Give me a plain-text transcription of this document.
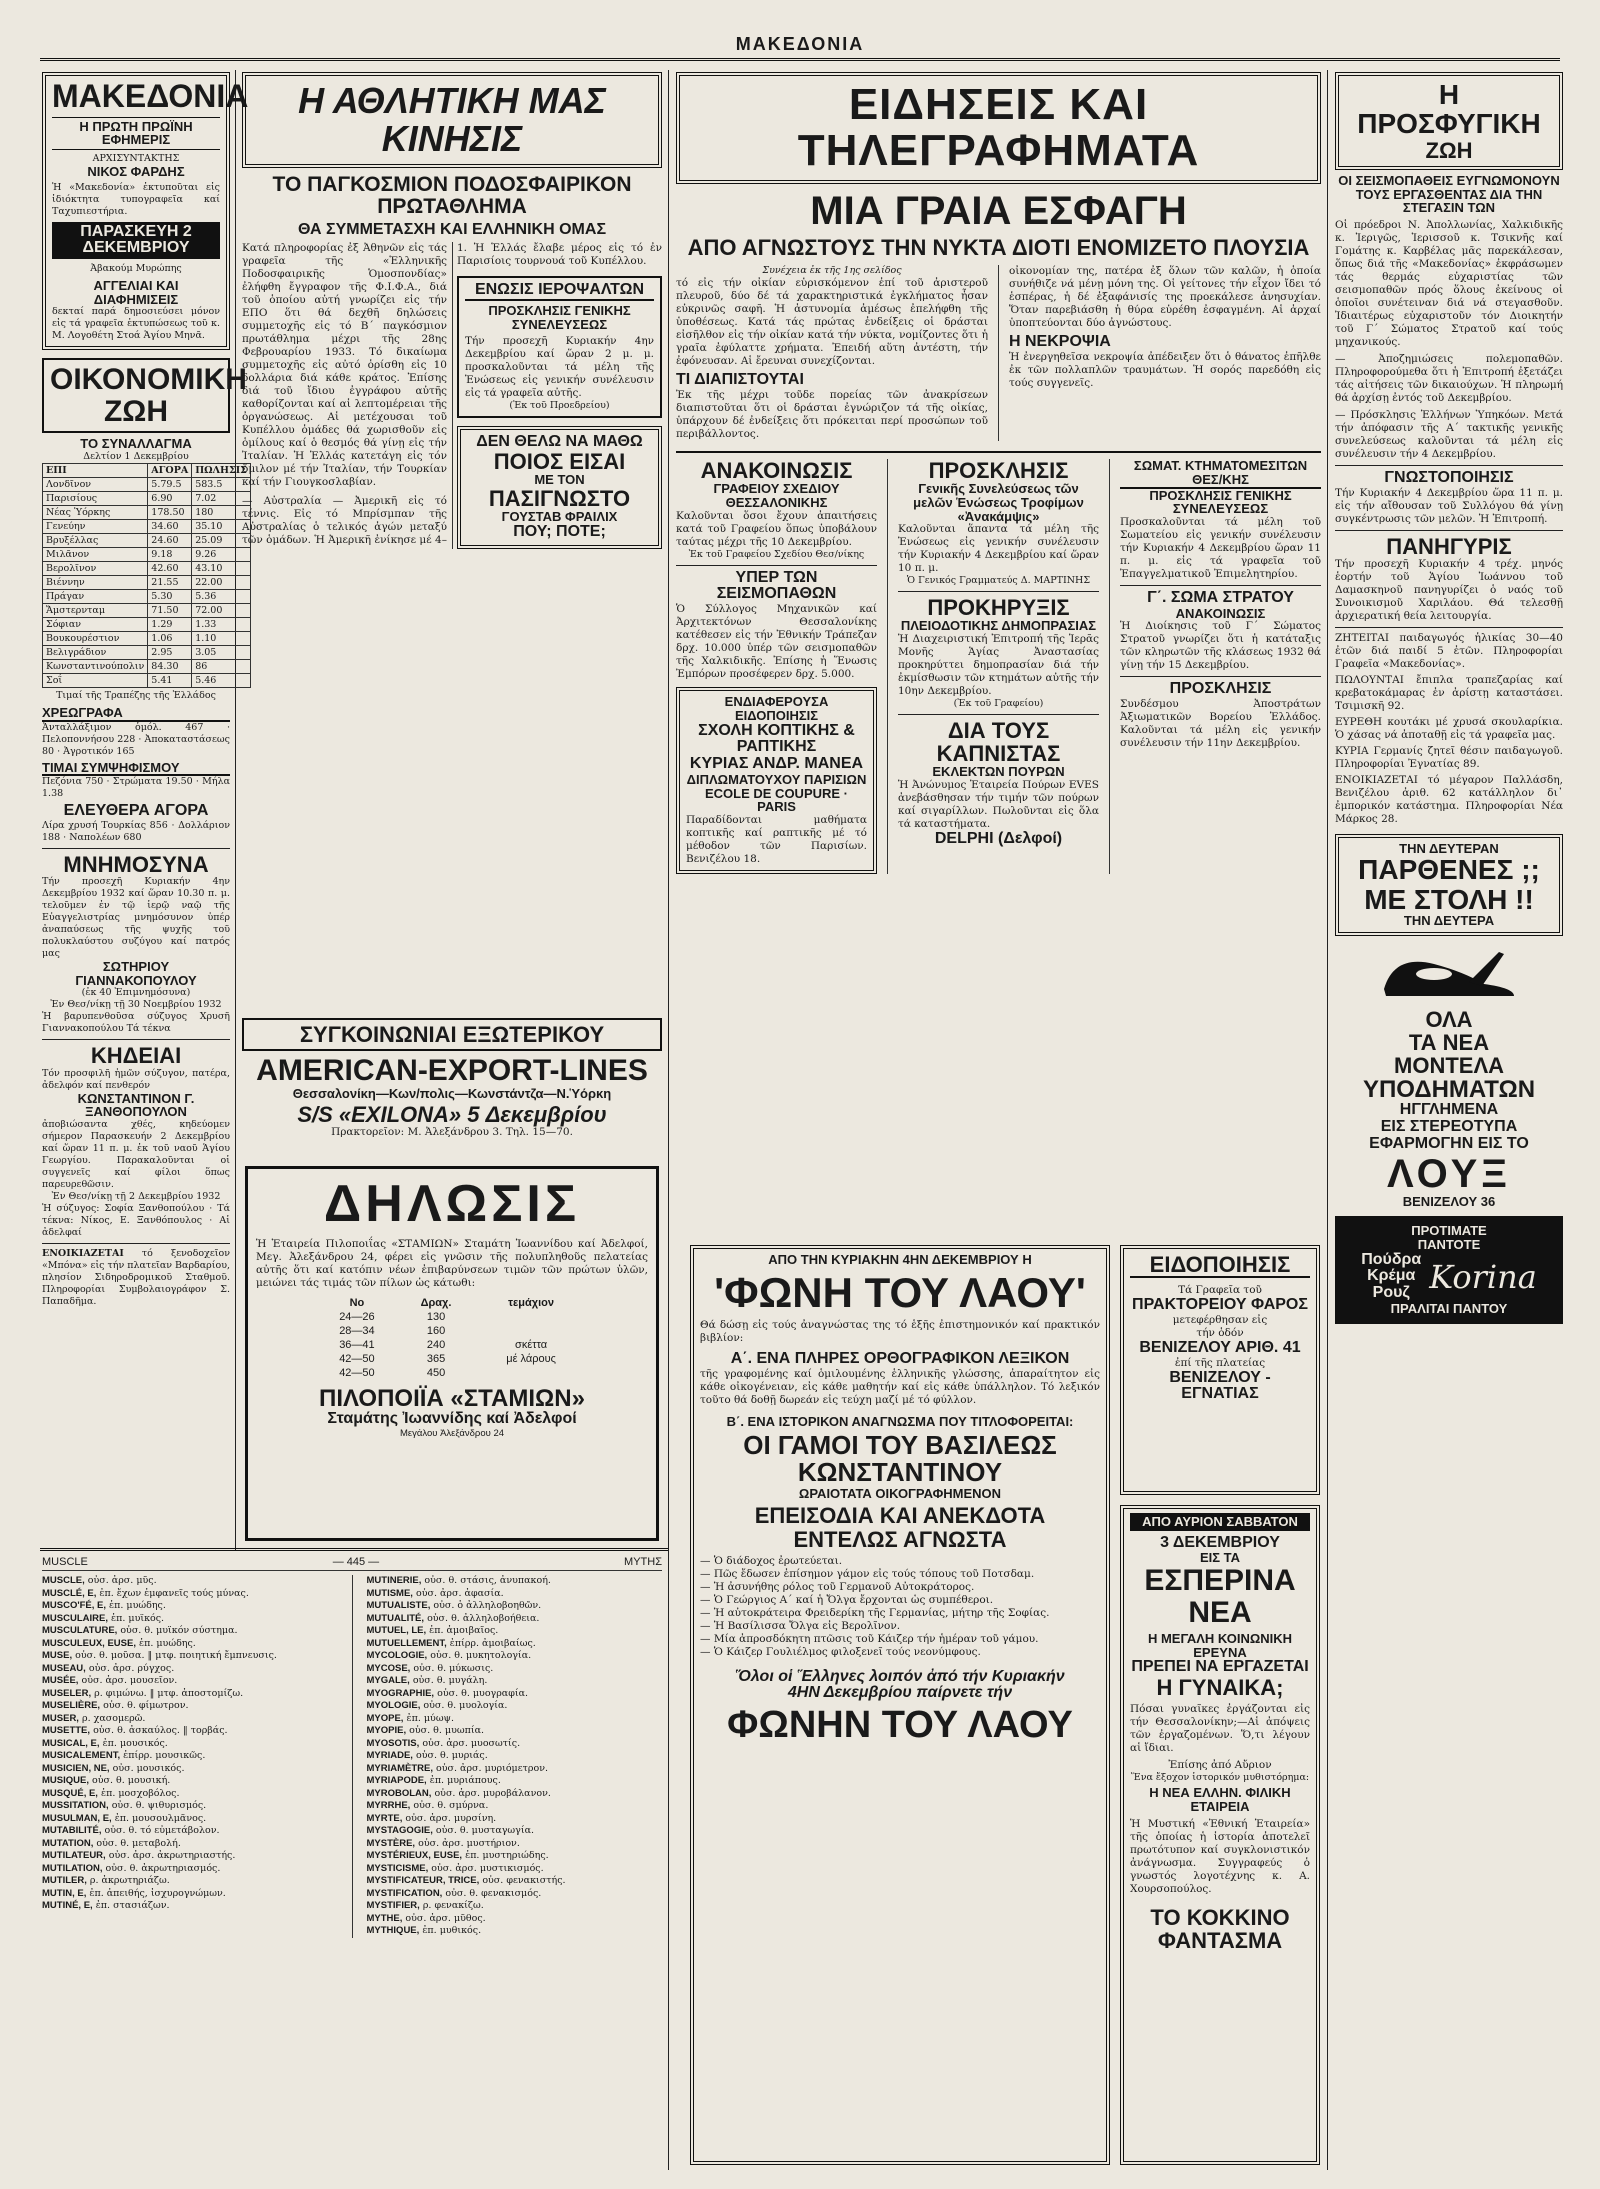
ΜΑΚΕΔΟΝΙΑ
ΜΑΚΕΔΟΝΙΑ
Η ΠΡΩΤΗ ΠΡΩΪΝΗ ΕΦΗΜΕΡΙΣ
ΑΡΧΙΣΥΝΤΑΚΤΗΣ
ΝΙΚΟΣ ΦΑΡΔΗΣ

Ἡ «Μακεδονία» ἐκτυποῦται εἰς ἰδιόκτητα τυπογραφεῖα καί Ταχυπιεστήρια.

ΠΑΡΑΣΚΕΥΗ 2 ΔΕΚΕΜΒΡΙΟΥ
Ἀβακούμ Μυρώπης
ΑΓΓΕΛΙΑΙ ΚΑΙ ΔΙΑΦΗΜΙΣΕΙΣ

δεκταί παρά δημοσιεύσει μόνον εἰς τά γραφεῖα ἐκτυπώσεως τοῦ κ. Μ. Λογοθέτη Στοά Ἁγίου Μηνᾶ.

ΟΙΚΟΝΟΜΙΚΗ ΖΩΗ
ΤΟ ΣΥΝΑΛΛΑΓΜΑ
Δελτίον 1 Δεκεμβρίου
ΕΠΙ	ΑΓΟΡΑ	ΠΩΛΗΣΙΣ
Λονδῖνον	5.79.5	583.5
Παρισίους	6.90	7.02
Νέας Ὑόρκης	178.50	180
Γενεύην	34.60	35.10
Βρυξέλλας	24.60	25.09
Μιλᾶνον	9.18	9.26
Βερολῖνον	42.60	43.10
Βιέννην	21.55	22.00
Πράγαν	5.30	5.36
Ἄμστερνταμ	71.50	72.00
Σόφιαν	1.29	1.33
Βουκουρέστιον	1.06	1.10
Βελιγράδιον	2.95	3.05
Κωνσταντινούπολιν	84.30	86
Σοΐ	5.41	5.46
Τιμαί τῆς Τραπέζης τῆς Ἑλλάδος
ΧΡΕΩΓΡΑΦΑ

Ἀνταλλάξιμον ὁμόλ. 467 · Πελοποννήσου 228 · Ἀποκαταστάσεως 80 · Ἀγροτικόν 165

ΤΙΜΑΙ ΣΥΜΨΗΦΙΣΜΟΥ

Πεζόνια 750 · Στρώματα 19.50 · Μήλα 1.38

ΕΛΕΥΘΕΡΑ ΑΓΟΡΑ

Λίρα χρυσή Τουρκίας 856 · Δολλάριον 188 · Ναπολέων 680

ΜΝΗΜΟΣΥΝΑ

Τήν προσεχῆ Κυριακήν 4ην Δεκεμβρίου 1932 καί ὥραν 10.30 π. μ. τελοῦμεν ἐν τῷ ἱερῷ ναῷ τῆς Εὐαγγελιστρίας μνημόσυνον ὑπέρ ἀναπαύσεως τῆς ψυχῆς τοῦ πολυκλαύστου συζύγου καί πατρός μας

ΣΩΤΗΡΙΟΥ ΓΙΑΝΝΑΚΟΠΟΥΛΟΥ
(ἐκ 40 Ἐπιμνημόσυνα)
Ἐν Θεσ/νίκῃ τῇ 30 Νοεμβρίου 1932

Ἡ βαρυπενθοῦσα σύζυγος Χρυσῆ Γιαννακοπούλου Τά τέκνα

ΚΗΔΕΙΑΙ

Τόν προσφιλῆ ἡμῶν σύζυγον, πατέρα, ἀδελφόν καί πενθερόν

ΚΩΝΣΤΑΝΤΙΝΟΝ Γ. ΞΑΝΘΟΠΟΥΛΟΝ

ἀποβιώσαντα χθές, κηδεύομεν σήμερον Παρασκευήν 2 Δεκεμβρίου καί ὥραν 11 π. μ. ἐκ τοῦ ναοῦ Ἁγίου Γεωργίου. Παρακαλοῦνται οἱ συγγενεῖς καί φίλοι ὅπως παρευρεθῶσιν.

Ἐν Θεσ/νίκῃ τῇ 2 Δεκεμβρίου 1932

Ἡ σύζυγος: Σοφία Ξανθοπούλου · Τά τέκνα: Νίκος, Ε. Ξανθόπουλος · Αἱ ἀδελφαί

ΕΝΟΙΚΙΑΖΕΤΑΙ τό ξενοδοχεῖον «Μπόνα» εἰς τήν πλατεῖαν Βαρδαρίου, πλησίον Σιδηροδρομικοῦ Σταθμοῦ. Πληροφορίαι Συμβολαιογράφον Σ. Παπαδῆμα.

Η ΑΘΛΗΤΙΚΗ ΜΑΣ ΚΙΝΗΣΙΣ
ΤΟ ΠΑΓΚΟΣΜΙΟΝ ΠΟΔΟΣΦΑΙΡΙΚΟΝ ΠΡΩΤΑΘΛΗΜΑ
ΘΑ ΣΥΜΜΕΤΑΣΧΗ ΚΑΙ ΕΛΛΗΝΙΚΗ ΟΜΑΣ

Κατά πληροφορίας ἐξ Ἀθηνῶν εἰς τάς γραφεῖα τῆς «Ἑλληνικῆς Ποδοσφαιρικῆς Ὁμοσπονδίας» ἐλήφθη ἔγγραφον τῆς Φ.Ι.Φ.Α., διά τοῦ ὁποίου αὐτή γνωρίζει εἰς τήν ΕΠΟ ὅτι θά δεχθῆ δηλώσεις συμμετοχῆς εἰς τό Β΄ παγκόσμιον πρωτάθλημα μέχρι τῆς 28ης Φεβρουαρίου 1933. Τό δικαίωμα συμμετοχῆς εἰς αὐτό ὁρίσθη εἰς 10 δολλάρια διά κάθε κράτος. Ἐπίσης διά τοῦ ἴδιου ἐγγράφου αὐτῆς καθορίζονται καί αἱ λεπτομέρειαι τῆς ὀργανώσεως. Αἱ μετέχουσαι τοῦ Κυπέλλου ὁμάδες θά χωρισθοῦν εἰς ὁμίλους καί ὁ θεσμός θά γίνῃ εἰς τήν Ἰταλίαν. Ἡ Ἑλλάς κατετάγη εἰς τόν ὅμιλον μέ τήν Ἰταλίαν, τήν Τουρκίαν καί τήν Γιουγκοσλαβίαν.

— Αὐστραλία — Ἀμερικῆ εἰς τό τέννις. Εἰς τό Μπρίσμπαν τῆς Αὐστραλίας ὁ τελικός ἀγών μεταξύ τῶν ὁμάδων. Ἡ Ἀμερικῆ ἐνίκησε μέ 4–1. Ἡ Ἑλλάς ἔλαβε μέρος εἰς τό ἐν Παρισίοις τουρνουά τοῦ Κυπέλλου.

ΕΝΩΣΙΣ ΙΕΡΟΨΑΛΤΩΝ
ΠΡΟΣΚΛΗΣΙΣ ΓΕΝΙΚΗΣ ΣΥΝΕΛΕΥΣΕΩΣ

Τήν προσεχῆ Κυριακήν 4ην Δεκεμβρίου καί ὥραν 2 μ. μ. προσκαλοῦνται τά μέλη τῆς Ἑνώσεως εἰς γενικήν συνέλευσιν εἰς τά γραφεῖα αὐτῆς.

(Ἐκ τοῦ Προεδρείου)
ΔΕΝ ΘΕΛΩ ΝΑ ΜΑΘΩ
ΠΟΙΟΣ ΕΙΣΑΙ
ΜΕ ΤΟΝ
ΠΑΣΙΓΝΩΣΤΟ
ΓΟΥΣΤΑΒ ΦΡΑΙΛΙΧ
ΠΟΥ; ΠΟΤΕ;
ΣΥΓΚΟΙΝΩΝΙΑΙ ΕΞΩΤΕΡΙΚΟΥ
AMERICAN-EXPORT-LINES
Θεσσαλονίκη—Κων/πολις—Κωνστάντζα—Ν.Ὑόρκη
S/S «EXILONA» 5 Δεκεμβρίου
Πρακτορεῖον: Μ. Ἀλεξάνδρου 3. Τηλ. 15—70.
ΔΗΛΩΣΙΣ

Ἡ Ἑταιρεία Πιλοποιΐας «ΣΤΑΜΙΩΝ» Σταμάτη Ἰωαννίδου καί Ἀδελφοί, Μεγ. Ἀλεξάνδρου 24, φέρει εἰς γνῶσιν τῆς πολυπληθοῦς πελατείας αὐτῆς ὅτι καί κατόπιν νέων ἐπιβαρύνσεων τιμῶν τῶν πρώτων ὑλῶν, μειώνει τάς τιμάς τῶν πίλων ὡς κάτωθι:

Νο	Δραχ.	τεμάχιον
24—26	130	
28—34	160	
36—41	240	σκέττα
42—50	365	μέ λάρους
42—50	450	
ΠΙΛΟΠΟΙΪΑ «ΣΤΑΜΙΩΝ»
Σταμάτης Ἰωαννίδης καί Ἀδελφοί
Μεγάλου Ἀλεξάνδρου 24
ΕΙΔΗΣΕΙΣ ΚΑΙ ΤΗΛΕΓΡΑΦΗΜΑΤΑ
ΜΙΑ ΓΡΑΙΑ ΕΣΦΑΓΗ
ΑΠΟ ΑΓΝΩΣΤΟΥΣ ΤΗΝ ΝΥΚΤΑ ΔΙΟΤΙ ΕΝΟΜΙΖΕΤΟ ΠΛΟΥΣΙΑ
Συνέχεια ἐκ τῆς 1ης σελίδος

τό εἰς τήν οἰκίαν εὑρισκόμενον ἐπί τοῦ ἀριστεροῦ πλευροῦ, δύο δέ τά χαρακτηριστικά ἐγκλήματος ἦσαν εὐκρινῶς σαφῆ. Ἡ ἀστυνομία ἀμέσως ἐπελήφθη τῆς ὑποθέσεως. Κατά τάς πρώτας ἐνδείξεις οἱ δράσται εἰσῆλθον εἰς τήν οἰκίαν κατά τήν νύκτα, νομίζοντες ὅτι ἡ γραῖα ἐφύλαττε χρήματα. Ἐπειδή αὕτη ἀντέστη, τήν ἐφόνευσαν. Αἱ ἔρευναι συνεχίζονται.

ΤΙ ΔΙΑΠΙΣΤΟΥΤΑΙ

Ἐκ τῆς μέχρι τοῦδε πορείας τῶν ἀνακρίσεων διαπιστοῦται ὅτι οἱ δράσται ἐγνώριζον τά τῆς οἰκίας, ὑπάρχουν δέ ἐνδείξεις ὅτι πρόκειται περί προσώπων τοῦ περιβάλλοντος.

οἰκονομίαν της, πατέρα ἐξ ὅλων τῶν καλῶν, ἡ ὁποία συνήθιζε νά μένῃ μόνη της. Οἱ γείτονες τήν εἶχον ἴδει τό ἑσπέρας, ἡ δέ ἐξαφάνισίς της προεκάλεσε ἀνησυχίαν. Ὅταν παρεβιάσθη ἡ θύρα εὑρέθη ἐσφαγμένη. Αἱ ἀρχαί ὑποπτεύονται δύο ἀγνώστους.

Η ΝΕΚΡΟΨΙΑ

Ἡ ἐνεργηθεῖσα νεκροψία ἀπέδειξεν ὅτι ὁ θάνατος ἐπῆλθε ἐκ τῶν πολλαπλῶν τραυμάτων. Ἡ σορός παρεδόθη εἰς τούς συγγενεῖς.

ΑΝΑΚΟΙΝΩΣΙΣ
ΓΡΑΦΕΙΟΥ ΣΧΕΔΙΟΥ ΘΕΣΣΑΛΟΝΙΚΗΣ

Καλοῦνται ὅσοι ἔχουν ἀπαιτήσεις κατά τοῦ Γραφείου ὅπως ὑποβάλουν ταύτας μέχρι τῆς 10 Δεκεμβρίου.

Ἐκ τοῦ Γραφείου Σχεδίου Θεσ/νίκης
ΥΠΕΡ ΤΩΝ ΣΕΙΣΜΟΠΑΘΩΝ

Ὁ Σύλλογος Μηχανικῶν καί Ἀρχιτεκτόνων Θεσσαλονίκης κατέθεσεν εἰς τήν Ἐθνικήν Τράπεζαν δρχ. 10.000 ὑπέρ τῶν σεισμοπαθῶν τῆς Χαλκιδικῆς. Ἐπίσης ἡ Ἕνωσις Ἐμπόρων προσέφερεν δρχ. 5.000.

ΕΝΔΙΑΦΕΡΟΥΣΑ ΕΙΔΟΠΟΙΗΣΙΣ
ΣΧΟΛΗ ΚΟΠΤΙΚΗΣ & ΡΑΠΤΙΚΗΣ
ΚΥΡΙΑΣ ΑΝΔΡ. ΜΑΝΕΑ
ΔΙΠΛΩΜΑΤΟΥΧΟΥ ΠΑΡΙΣΙΩΝ
ECOLE DE COUPURE · PARIS

Παραδίδονται μαθήματα κοπτικῆς καί ραπτικῆς μέ τό μέθοδον τῶν Παρισίων. Βενιζέλου 18.

ΠΡΟΣΚΛΗΣΙΣ
Γενικῆς Συνελεύσεως τῶν μελῶν Ἑνώσεως Τροφίμων «Ἀνακάμψις»

Καλοῦνται ἅπαντα τά μέλη τῆς Ἑνώσεως εἰς γενικήν συνέλευσιν τήν Κυριακήν 4 Δεκεμβρίου καί ὥραν 10 π. μ.

Ὁ Γενικός Γραμματεύς Δ. ΜΑΡΤΙΝΗΣ
ΠΡΟΚΗΡΥΞΙΣ
ΠΛΕΙΟΔΟΤΙΚΗΣ ΔΗΜΟΠΡΑΣΙΑΣ

Ἡ Διαχειριστική Ἐπιτροπή τῆς Ἱερᾶς Μονῆς Ἁγίας Ἀναστασίας προκηρύττει δημοπρασίαν διά τήν ἐκμίσθωσιν τῶν κτημάτων αὐτῆς τήν 10ην Δεκεμβρίου.

(Ἐκ τοῦ Γραφείου)
ΔΙΑ ΤΟΥΣ ΚΑΠΝΙΣΤΑΣ
ΕΚΛΕΚΤΩΝ ΠΟΥΡΩΝ

Ἡ Ἀνώνυμος Ἑταιρεία Πούρων EVES ἀνεβάσθησαν τήν τιμήν τῶν πούρων καί σιγαρίλλων. Πωλοῦνται εἰς ὅλα τά καταστήματα.

DELPHI (Δελφοί)
ΣΩΜΑΤ. ΚΤΗΜΑΤΟΜΕΣΙΤΩΝ ΘΕΣ/ΚΗΣ
ΠΡΟΣΚΛΗΣΙΣ ΓΕΝΙΚΗΣ ΣΥΝΕΛΕΥΣΕΩΣ

Προσκαλοῦνται τά μέλη τοῦ Σωματείου εἰς γενικήν συνέλευσιν τήν Κυριακήν 4 Δεκεμβρίου ὥραν 11 π. μ. εἰς τά γραφεῖα τοῦ Ἐπαγγελματικοῦ Ἐπιμελητηρίου.

Γ΄. ΣΩΜΑ ΣΤΡΑΤΟΥ
ΑΝΑΚΟΙΝΩΣΙΣ

Ἡ Διοίκησις τοῦ Γ΄ Σώματος Στρατοῦ γνωρίζει ὅτι ἡ κατάταξις τῶν κληρωτῶν τῆς κλάσεως 1932 θά γίνῃ τήν 15 Δεκεμβρίου.

ΠΡΟΣΚΛΗΣΙΣ

Συνδέσμου Ἀποστράτων Ἀξιωματικῶν Βορείου Ἑλλάδος. Καλοῦνται τά μέλη εἰς γενικήν συνέλευσιν τήν 11ην Δεκεμβρίου.

ΕΙΔΟΠΟΙΗΣΙΣ
Τά Γραφεῖα τοῦ
ΠΡΑΚΤΟΡΕΙΟΥ ΦΑΡΟΣ
μετεφέρθησαν εἰς
τήν ὁδόν
ΒΕΝΙΖΕΛΟΥ ΑΡΙΘ. 41
ἐπί τῆς πλατείας
ΒΕΝΙΖΕΛΟΥ - ΕΓΝΑΤΙΑΣ
ΑΠΟ ΤΗΝ ΚΥΡΙΑΚΗΝ 4ΗΝ ΔΕΚΕΜΒΡΙΟΥ Η
'ΦΩΝΗ ΤΟΥ ΛΑΟΥ'

Θά δώσῃ εἰς τούς ἀναγνώστας της τό ἑξῆς ἐπιστημονικόν καί πρακτικόν βιβλίον:

Α΄. ΕΝΑ ΠΛΗΡΕΣ ΟΡΘΟΓΡΑΦΙΚΟΝ ΛΕΞΙΚΟΝ

τῆς γραφομένης καί ὁμιλουμένης ἑλληνικῆς γλώσσης, ἀπαραίτητον εἰς κάθε οἰκογένειαν, εἰς κάθε μαθητήν καί εἰς κάθε ὑπάλληλον. Τό λεξικόν τοῦτο θά δοθῇ δωρεάν εἰς τεύχη μαζί μέ τό φύλλον.

Β΄. ΕΝΑ ΙΣΤΟΡΙΚΟΝ ΑΝΑΓΝΩΣΜΑ ΠΟΥ ΤΙΤΛΟΦΟΡΕΙΤΑΙ:
ΟΙ ΓΑΜΟΙ ΤΟΥ ΒΑΣΙΛΕΩΣ ΚΩΝΣΤΑΝΤΙΝΟΥ
ΩΡΑΙΟΤΑΤΑ ΟΙΚΟΓΡΑΦΗΜΕΝΟΝ
ΕΠΕΙΣΟΔΙΑ ΚΑΙ ΑΝΕΚΔΟΤΑ ΕΝΤΕΛΩΣ ΑΓΝΩΣΤΑ

— Ὁ διάδοχος ἐρωτεύεται.

— Πῶς ἔδωσεν ἐπίσημον γάμον εἰς τούς τόπους τοῦ Ποτσδαμ.

— Ἡ ἀσυνήθης ρόλος τοῦ Γερμανοῦ Αὐτοκράτορος.

— Ὁ Γεώργιος Α΄ καί ἡ Ὄλγα ἔρχονται ὡς συμπέθεροι.

— Ἡ αὐτοκράτειρα Φρειδερίκη τῆς Γερμανίας, μήτηρ τῆς Σοφίας.

— Ἡ Βασίλισσα Ὄλγα εἰς Βερολῖνον.

— Μία ἀπροσδόκητη πτῶσις τοῦ Κάιζερ τήν ἡμέραν τοῦ γάμου.

— Ὁ Κάιζερ Γουλιέλμος φιλοξενεῖ τούς νεονύμφους.

Ὅλοι οἱ Ἕλληνες λοιπόν ἀπό τήν Κυριακήν
4ΗΝ Δεκεμβρίου παίρνετε τήν
ΦΩΝΗΝ ΤΟΥ ΛΑΟΥ
ΑΠΟ ΑΥΡΙΟΝ ΣΑΒΒΑΤΟΝ
3 ΔΕΚΕΜΒΡΙΟΥ
ΕΙΣ ΤΑ
ΕΣΠΕΡΙΝΑ ΝΕΑ
Η ΜΕΓΑΛΗ ΚΟΙΝΩΝΙΚΗ ΕΡΕΥΝΑ
ΠΡΕΠΕΙ ΝΑ ΕΡΓΑΖΕΤΑΙ
Η ΓΥΝΑΙΚΑ;

Πόσαι γυναῖκες ἐργάζονται εἰς τήν Θεσσαλονίκην;—Αἱ ἀπόψεις τῶν ἐργαζομένων. Ὅ,τι λέγουν αἱ ἴδιαι.

Ἐπίσης ἀπό Αὔριον
Ἕνα ἔξοχον ἱστορικόν μυθιστόρημα:
Η ΝΕΑ ΕΛΛΗΝ. ΦΙΛΙΚΗ ΕΤΑΙΡΕΙΑ

Ἡ Μυστική «Ἐθνική Ἑταιρεία» τῆς ὁποίας ἡ ἱστορία ἀποτελεῖ πρωτότυπον καί συγκλονιστικόν ἀνάγνωσμα. Συγγραφεύς ὁ γνωστός λογοτέχνης κ. Α. Χουρσοπούλος.

ΤΟ ΚΟΚΚΙΝΟ ΦΑΝΤΑΣΜΑ
Η ΠΡΟΣΦΥΓΙΚΗ
ΖΩΗ
ΟΙ ΣΕΙΣΜΟΠΑΘΕΙΣ ΕΥΓΝΩΜΟΝΟΥΝ ΤΟΥΣ ΕΡΓΑΣΘΕΝΤΑΣ ΔΙΑ ΤΗΝ ΣΤΕΓΑΣΙΝ ΤΩΝ

Οἱ πρόεδροι Ν. Ἀπολλωνίας, Χαλκιδικῆς κ. Ἰεριγῶς, Ἱερισσοῦ κ. Τσικνῆς καί Γομάτης κ. Καρβέλας μᾶς παρεκάλεσαν, ὅπως διά τῆς «Μακεδονίας» ἐκφράσωμεν τάς θερμάς εὐχαριστίας τῶν σεισμοπαθῶν πρός ὅλους ἐκείνους οἱ ὁποῖοι συνέτειναν διά νά στεγασθοῦν. Ἰδιαιτέρως εὐχαριστοῦν τόν Διοικητήν τοῦ Γ΄ Σώματος Στρατοῦ καί τούς μηχανικούς.

— Ἀποζημιώσεις πολεμοπαθῶν. Πληροφορούμεθα ὅτι ἡ Ἐπιτροπή ἐξετάζει τάς αἰτήσεις τῶν δικαιούχων. Ἡ πληρωμή θά ἀρχίσῃ ἐντός τοῦ Δεκεμβρίου.

— Πρόσκλησις Ἑλλήνων Ὑπηκόων. Μετά τήν ἀπόφασιν τῆς Α΄ τακτικῆς γενικῆς συνελεύσεως καλοῦνται τά μέλη εἰς συνέλευσιν τήν 4 Δεκεμβρίου.

ΓΝΩΣΤΟΠΟΙΗΣΙΣ

Τήν Κυριακήν 4 Δεκεμβρίου ὥρα 11 π. μ. εἰς τήν αἴθουσαν τοῦ Συλλόγου θά γίνῃ συγκέντρωσις τῶν μελῶν. Ἡ Ἐπιτροπή.

ΠΑΝΗΓΥΡΙΣ

Τήν προσεχῆ Κυριακήν 4 τρέχ. μηνός ἑορτήν τοῦ Ἁγίου Ἰωάννου τοῦ Δαμασκηνοῦ πανηγυρίζει ὁ ναός τοῦ Συνοικισμοῦ Χαριλάου. Θά τελεσθῇ ἀρχιερατική θεία λειτουργία.

ΖΗΤΕΙΤΑΙ παιδαγωγός ἡλικίας 30—40 ἐτῶν διά παιδί 5 ἐτῶν. Πληροφορίαι Γραφεῖα «Μακεδονίας».

ΠΩΛΟΥΝΤΑΙ ἔπιπλα τραπεζαρίας καί κρεβατοκάμαρας ἐν ἀρίστῃ καταστάσει. Τσιμισκῆ 92.

ΕΥΡΕΘΗ κουτάκι μέ χρυσά σκουλαρίκια. Ὁ χάσας νά ἀποταθῇ εἰς τά γραφεῖα μας.

ΚΥΡΙΑ Γερμανίς ζητεῖ θέσιν παιδαγωγοῦ. Πληροφορίαι Ἐγνατίας 89.

ΕΝΟΙΚΙΑΖΕΤΑΙ τό μέγαρον Παλλάσδη, Βενιζέλου ἀριθ. 62 κατάλληλον δι᾽ ἐμπορικόν κατάστημα. Πληροφορίαι Νέα Μάρκος 28.

ΤΗΝ ΔΕΥΤΕΡΑΝ
ΠΑΡΘΕΝΕΣ ;;
ΜΕ ΣΤΟΛΗ !!
ΤΗΝ ΔΕΥΤΕΡΑ
ΟΛΑ
ΤΑ ΝΕΑ
ΜΟΝΤΕΛΑ
ΥΠΟΔΗΜΑΤΩΝ
ΗΓΓΛΗΜΕΝΑ
ΕΙΣ ΣΤΕΡΕΟΤΥΠΑ
ΕΦΑΡΜΟΓΗΝ ΕΙΣ ΤΟ
ΛΟΥΞ
ΒΕΝΙΖΕΛΟΥ 36
ΠΡΟΤΙΜΑΤΕ
ΠΑΝΤΟΤΕ
Πούδρα
Κρέμα
Ρουζ Korina
ΠΡΑΛΙΤΑΙ ΠΑΝΤΟΥ
MUSCLE	— 445 —	ΜΥΤΗΣ

MUSCLE, οὐσ. ἀρσ. μῦς.

MUSCLÉ, E, ἐπ. ἔχων ἐμφανεῖς τούς μύνας.

MUSCO'FÉ, E, ἐπ. μυώδης.

MUSCULAIRE, ἐπ. μυϊκός.

MUSCULATURE, οὐσ. θ. μυϊκόν σύστημα.

MUSCULEUX, EUSE, ἐπ. μυώδης.

MUSE, οὐσ. θ. μοῦσα. ‖ μτφ. ποιητική ἔμπνευσις.

MUSEAU, οὐσ. ἀρσ. ρύγχος.

MUSÉE, οὐσ. ἀρσ. μουσεῖον.

MUSELER, ρ. φιμώνω. ‖ μτφ. ἀποστομίζω.

MUSELIÈRE, οὐσ. θ. φίμωτρον.

MUSER, ρ. χασομερῶ.

MUSETTE, οὐσ. θ. ἀσκαύλος. ‖ τορβάς.

MUSICAL, E, ἐπ. μουσικός.

MUSICALEMENT, ἐπίρρ. μουσικῶς.

MUSICIEN, NE, οὐσ. μουσικός.

MUSIQUE, οὐσ. θ. μουσική.

MUSQUÉ, E, ἐπ. μοσχοβόλος.

MUSSITATION, οὐσ. θ. ψιθυρισμός.

MUSULMAN, E, ἐπ. μουσουλμᾶνος.

MUTABILITÉ, οὐσ. θ. τό εὐμετάβολον.

MUTATION, οὐσ. θ. μεταβολή.

MUTILATEUR, οὐσ. ἀρσ. ἀκρωτηριαστής.

MUTILATION, οὐσ. θ. ἀκρωτηριασμός.

MUTILER, ρ. ἀκρωτηριάζω.

MUTIN, E, ἐπ. ἀπειθής, ἰσχυρογνώμων.

MUTINÉ, E, ἐπ. στασιάζων.

MUTINERIE, οὐσ. θ. στάσις, ἀνυπακοή.

MUTISME, οὐσ. ἀρσ. ἀφασία.

MUTUALISTE, οὐσ. ὁ ἀλληλοβοηθῶν.

MUTUALITÉ, οὐσ. θ. ἀλληλοβοήθεια.

MUTUEL, LE, ἐπ. ἀμοιβαῖος.

MUTUELLEMENT, ἐπίρρ. ἀμοιβαίως.

MYCOLOGIE, οὐσ. θ. μυκητολογία.

MYCOSE, οὐσ. θ. μύκωσις.

MYGALE, οὐσ. θ. μυγάλη.

MYOGRAPHIE, οὐσ. θ. μυογραφία.

MYOLOGIE, οὐσ. θ. μυολογία.

MYOPE, ἐπ. μύωψ.

MYOPIE, οὐσ. θ. μυωπία.

MYOSOTIS, οὐσ. ἀρσ. μυοσωτίς.

MYRIADE, οὐσ. θ. μυριάς.

MYRIAMÈTRE, οὐσ. ἀρσ. μυριόμετρον.

MYRIAPODE, ἐπ. μυριάπους.

MYROBOLAN, οὐσ. ἀρσ. μυροβάλανον.

MYRRHE, οὐσ. θ. σμύρνα.

MYRTE, οὐσ. ἀρσ. μυρσίνη.

MYSTAGOGIE, οὐσ. θ. μυσταγωγία.

MYSTÈRE, οὐσ. ἀρσ. μυστήριον.

MYSTÉRIEUX, EUSE, ἐπ. μυστηριώδης.

MYSTICISME, οὐσ. ἀρσ. μυστικισμός.

MYSTIFICATEUR, TRICE, οὐσ. φενακιστής.

MYSTIFICATION, οὐσ. θ. φενακισμός.

MYSTIFIER, ρ. φενακίζω.

MYTHE, οὐσ. ἀρσ. μῦθος.

MYTHIQUE, ἐπ. μυθικός.
